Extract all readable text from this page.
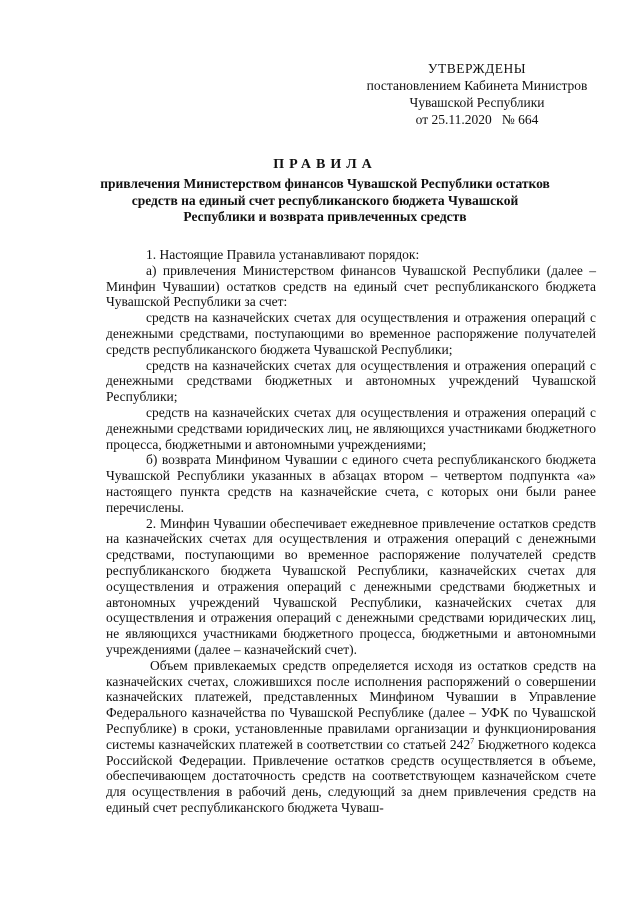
УТВЕРЖДЕНЫ
постановлением Кабинета Министров
Чувашской Республики
от 25.11.2020   № 664
ПРАВИЛА
привлечения Министерством финансов Чувашской Республики остатков средств на единый счет республиканского бюджета Чувашской Республики и возврата привлеченных средств

1. Настоящие Правила устанавливают порядок:

а) привлечения Министерством финансов Чувашской Республики (далее – Минфин Чувашии) остатков средств на единый счет республиканского бюджета Чувашской Республики за счет:

средств на казначейских счетах для осуществления и отражения операций с денежными средствами, поступающими во временное распоряжение получателей средств республиканского бюджета Чувашской Республики;

средств на казначейских счетах для осуществления и отражения операций с денежными средствами бюджетных и автономных учреждений Чувашской Республики;

средств на казначейских счетах для осуществления и отражения операций с денежными средствами юридических лиц, не являющихся участниками бюджетного процесса, бюджетными и автономными учреждениями;

б) возврата Минфином Чувашии с единого счета республиканского бюджета Чувашской Республики указанных в абзацах втором – четвертом подпункта «а» настоящего пункта средств на казначейские счета, с которых они были ранее перечислены.

2. Минфин Чувашии обеспечивает ежедневное привлечение остатков средств на казначейских счетах для осуществления и отражения операций с денежными средствами, поступающими во временное распоряжение получателей средств республиканского бюджета Чувашской Республики, казначейских счетах для осуществления и отражения операций с денежными средствами бюджетных и автономных учреждений Чувашской Республики, казначейских счетах для осуществления и отражения операций с денежными средствами юридических лиц, не являющихся участниками бюджетного процесса, бюджетными и автономными учреждениями (далее – казначейский счет).

Объем привлекаемых средств определяется исходя из остатков средств на казначейских счетах, сложившихся после исполнения распоряжений о совершении казначейских платежей, представленных Минфином Чувашии в Управление Федерального казначейства по Чувашской Республике (далее – УФК по Чувашской Республике) в сроки, установленные правилами организации и функционирования системы казначейских платежей в соответствии со статьей $242^7$ Бюджетного кодекса Российской Федерации. Привлечение остатков средств осуществляется в объеме, обеспечивающем достаточность средств на соответствующем казначейском счете для осуществления в рабочий день, следующий за днем привлечения средств на единый счет республиканского бюджета Чуваш-
